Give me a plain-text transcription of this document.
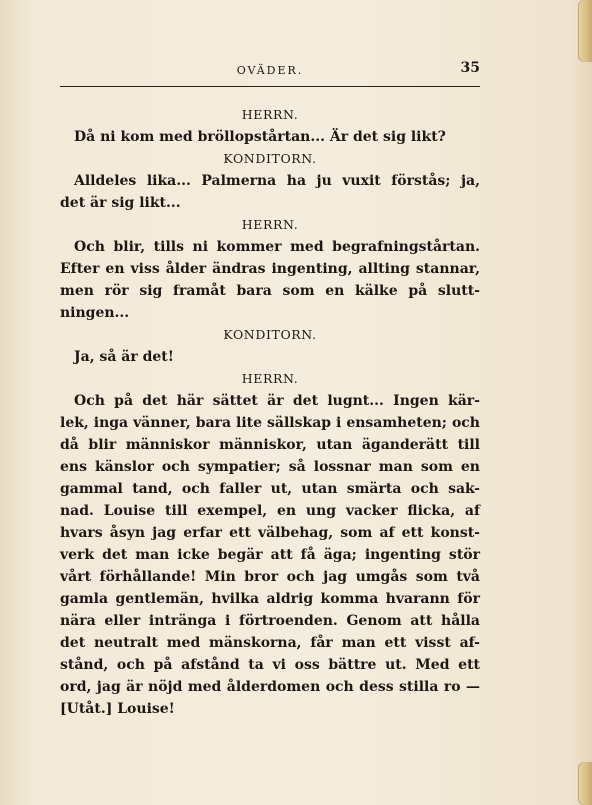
OVÄDER.	35
HERRN.
Då ni kom med bröllopstårtan... Är det sig likt?
KONDITORN.
Alldeles lika... Palmerna ha ju vuxit förstås; ja,
det är sig likt...
HERRN.
Och blir, tills ni kommer med begrafningstårtan.
Efter en viss ålder ändras ingenting, allting stannar,
men rör sig framåt bara som en kälke på slutt-
ningen...
KONDITORN.
Ja, så är det!
HERRN.
Och på det här sättet är det lugnt... Ingen kär-
lek, inga vänner, bara lite sällskap i ensamheten; och
då blir människor människor, utan äganderätt till
ens känslor och sympatier; så lossnar man som en
gammal tand, och faller ut, utan smärta och sak-
nad. Louise till exempel, en ung vacker flicka, af
hvars åsyn jag erfar ett välbehag, som af ett konst-
verk det man icke begär att få äga; ingenting stör
vårt förhållande! Min bror och jag umgås som två
gamla gentlemän, hvilka aldrig komma hvarann för
nära eller intränga i förtroenden. Genom att hålla
det neutralt med mänskorna, får man ett visst af-
stånd, och på afstånd ta vi oss bättre ut. Med ett
ord, jag är nöjd med ålderdomen och dess stilla ro —
[Utåt.] Louise!
